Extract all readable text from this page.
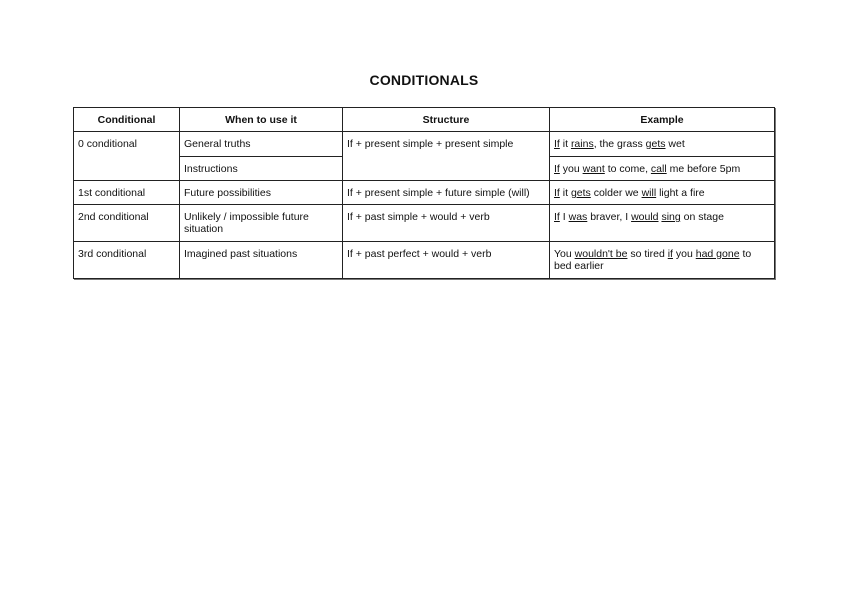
CONDITIONALS
Conditional	When to use it	Structure	Example
0 conditional	General truths	If + present simple + present simple	If it rains, the grass gets wet
	Instructions		If you want to come, call me before 5pm
1st conditional	Future possibilities	If + present simple + future simple (will)	If it gets colder we will light a fire
2nd conditional	Unlikely / impossible future situation	If + past simple + would + verb	If I was braver, I would sing on stage
3rd conditional	Imagined past situations	If + past perfect + would + verb	You wouldn't be so tired if you had gone to bed earlier
